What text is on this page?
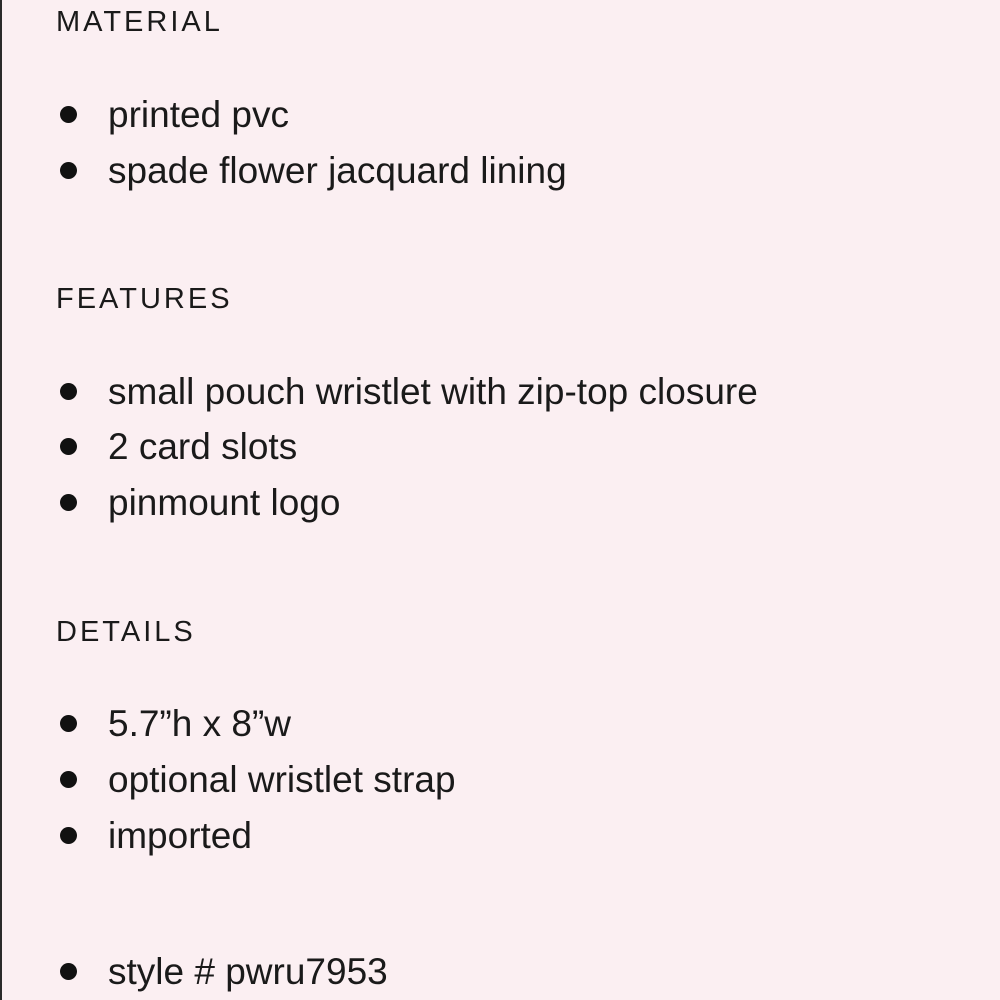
MATERIAL
printed pvc
spade flower jacquard lining
FEATURES
small pouch wristlet with zip-top closure
2 card slots
pinmount logo
DETAILS
5.7”h x 8”w
optional wristlet strap
imported
style # pwru7953
